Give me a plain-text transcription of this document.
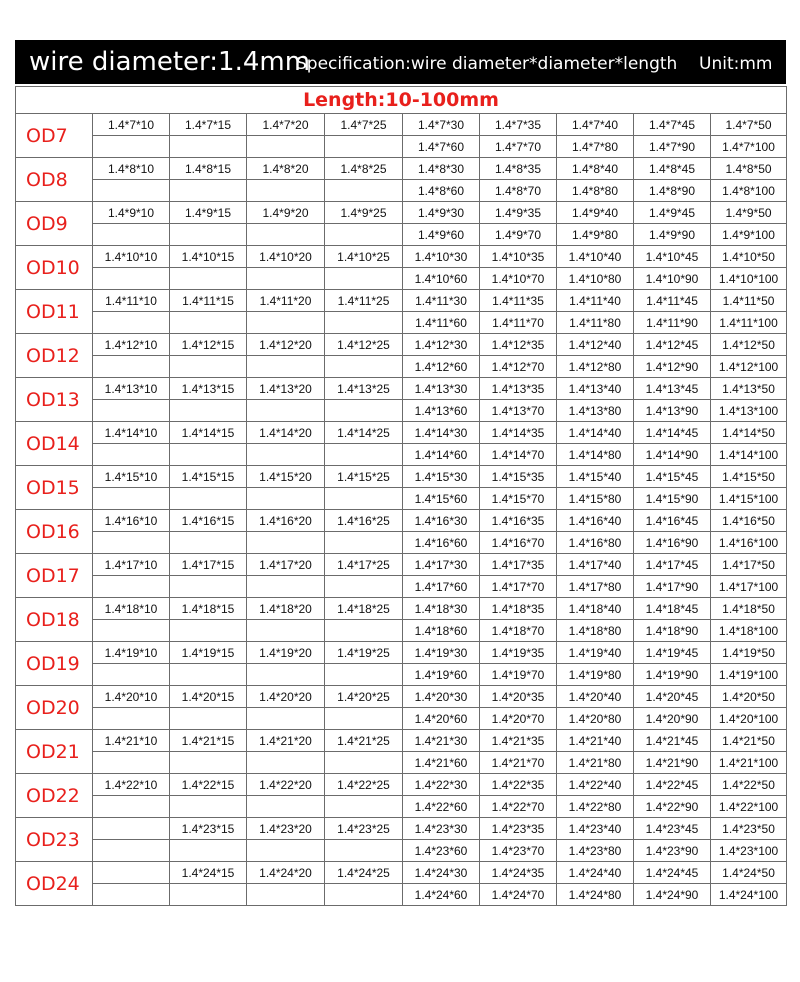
wire diameter:1.4mm
Specification:wire diameter*diameter*length Unit:mm
Length:10-100mm									
OD7	1.4*7*10	1.4*7*15	1.4*7*20	1.4*7*25	1.4*7*30	1.4*7*35	1.4*7*40	1.4*7*45	1.4*7*50
					1.4*7*60	1.4*7*70	1.4*7*80	1.4*7*90	1.4*7*100
OD8	1.4*8*10	1.4*8*15	1.4*8*20	1.4*8*25	1.4*8*30	1.4*8*35	1.4*8*40	1.4*8*45	1.4*8*50
					1.4*8*60	1.4*8*70	1.4*8*80	1.4*8*90	1.4*8*100
OD9	1.4*9*10	1.4*9*15	1.4*9*20	1.4*9*25	1.4*9*30	1.4*9*35	1.4*9*40	1.4*9*45	1.4*9*50
					1.4*9*60	1.4*9*70	1.4*9*80	1.4*9*90	1.4*9*100
OD10	1.4*10*10	1.4*10*15	1.4*10*20	1.4*10*25	1.4*10*30	1.4*10*35	1.4*10*40	1.4*10*45	1.4*10*50
					1.4*10*60	1.4*10*70	1.4*10*80	1.4*10*90	1.4*10*100
OD11	1.4*11*10	1.4*11*15	1.4*11*20	1.4*11*25	1.4*11*30	1.4*11*35	1.4*11*40	1.4*11*45	1.4*11*50
					1.4*11*60	1.4*11*70	1.4*11*80	1.4*11*90	1.4*11*100
OD12	1.4*12*10	1.4*12*15	1.4*12*20	1.4*12*25	1.4*12*30	1.4*12*35	1.4*12*40	1.4*12*45	1.4*12*50
					1.4*12*60	1.4*12*70	1.4*12*80	1.4*12*90	1.4*12*100
OD13	1.4*13*10	1.4*13*15	1.4*13*20	1.4*13*25	1.4*13*30	1.4*13*35	1.4*13*40	1.4*13*45	1.4*13*50
					1.4*13*60	1.4*13*70	1.4*13*80	1.4*13*90	1.4*13*100
OD14	1.4*14*10	1.4*14*15	1.4*14*20	1.4*14*25	1.4*14*30	1.4*14*35	1.4*14*40	1.4*14*45	1.4*14*50
					1.4*14*60	1.4*14*70	1.4*14*80	1.4*14*90	1.4*14*100
OD15	1.4*15*10	1.4*15*15	1.4*15*20	1.4*15*25	1.4*15*30	1.4*15*35	1.4*15*40	1.4*15*45	1.4*15*50
					1.4*15*60	1.4*15*70	1.4*15*80	1.4*15*90	1.4*15*100
OD16	1.4*16*10	1.4*16*15	1.4*16*20	1.4*16*25	1.4*16*30	1.4*16*35	1.4*16*40	1.4*16*45	1.4*16*50
					1.4*16*60	1.4*16*70	1.4*16*80	1.4*16*90	1.4*16*100
OD17	1.4*17*10	1.4*17*15	1.4*17*20	1.4*17*25	1.4*17*30	1.4*17*35	1.4*17*40	1.4*17*45	1.4*17*50
					1.4*17*60	1.4*17*70	1.4*17*80	1.4*17*90	1.4*17*100
OD18	1.4*18*10	1.4*18*15	1.4*18*20	1.4*18*25	1.4*18*30	1.4*18*35	1.4*18*40	1.4*18*45	1.4*18*50
					1.4*18*60	1.4*18*70	1.4*18*80	1.4*18*90	1.4*18*100
OD19	1.4*19*10	1.4*19*15	1.4*19*20	1.4*19*25	1.4*19*30	1.4*19*35	1.4*19*40	1.4*19*45	1.4*19*50
					1.4*19*60	1.4*19*70	1.4*19*80	1.4*19*90	1.4*19*100
OD20	1.4*20*10	1.4*20*15	1.4*20*20	1.4*20*25	1.4*20*30	1.4*20*35	1.4*20*40	1.4*20*45	1.4*20*50
					1.4*20*60	1.4*20*70	1.4*20*80	1.4*20*90	1.4*20*100
OD21	1.4*21*10	1.4*21*15	1.4*21*20	1.4*21*25	1.4*21*30	1.4*21*35	1.4*21*40	1.4*21*45	1.4*21*50
					1.4*21*60	1.4*21*70	1.4*21*80	1.4*21*90	1.4*21*100
OD22	1.4*22*10	1.4*22*15	1.4*22*20	1.4*22*25	1.4*22*30	1.4*22*35	1.4*22*40	1.4*22*45	1.4*22*50
					1.4*22*60	1.4*22*70	1.4*22*80	1.4*22*90	1.4*22*100
OD23		1.4*23*15	1.4*23*20	1.4*23*25	1.4*23*30	1.4*23*35	1.4*23*40	1.4*23*45	1.4*23*50
					1.4*23*60	1.4*23*70	1.4*23*80	1.4*23*90	1.4*23*100
OD24		1.4*24*15	1.4*24*20	1.4*24*25	1.4*24*30	1.4*24*35	1.4*24*40	1.4*24*45	1.4*24*50
					1.4*24*60	1.4*24*70	1.4*24*80	1.4*24*90	1.4*24*100
